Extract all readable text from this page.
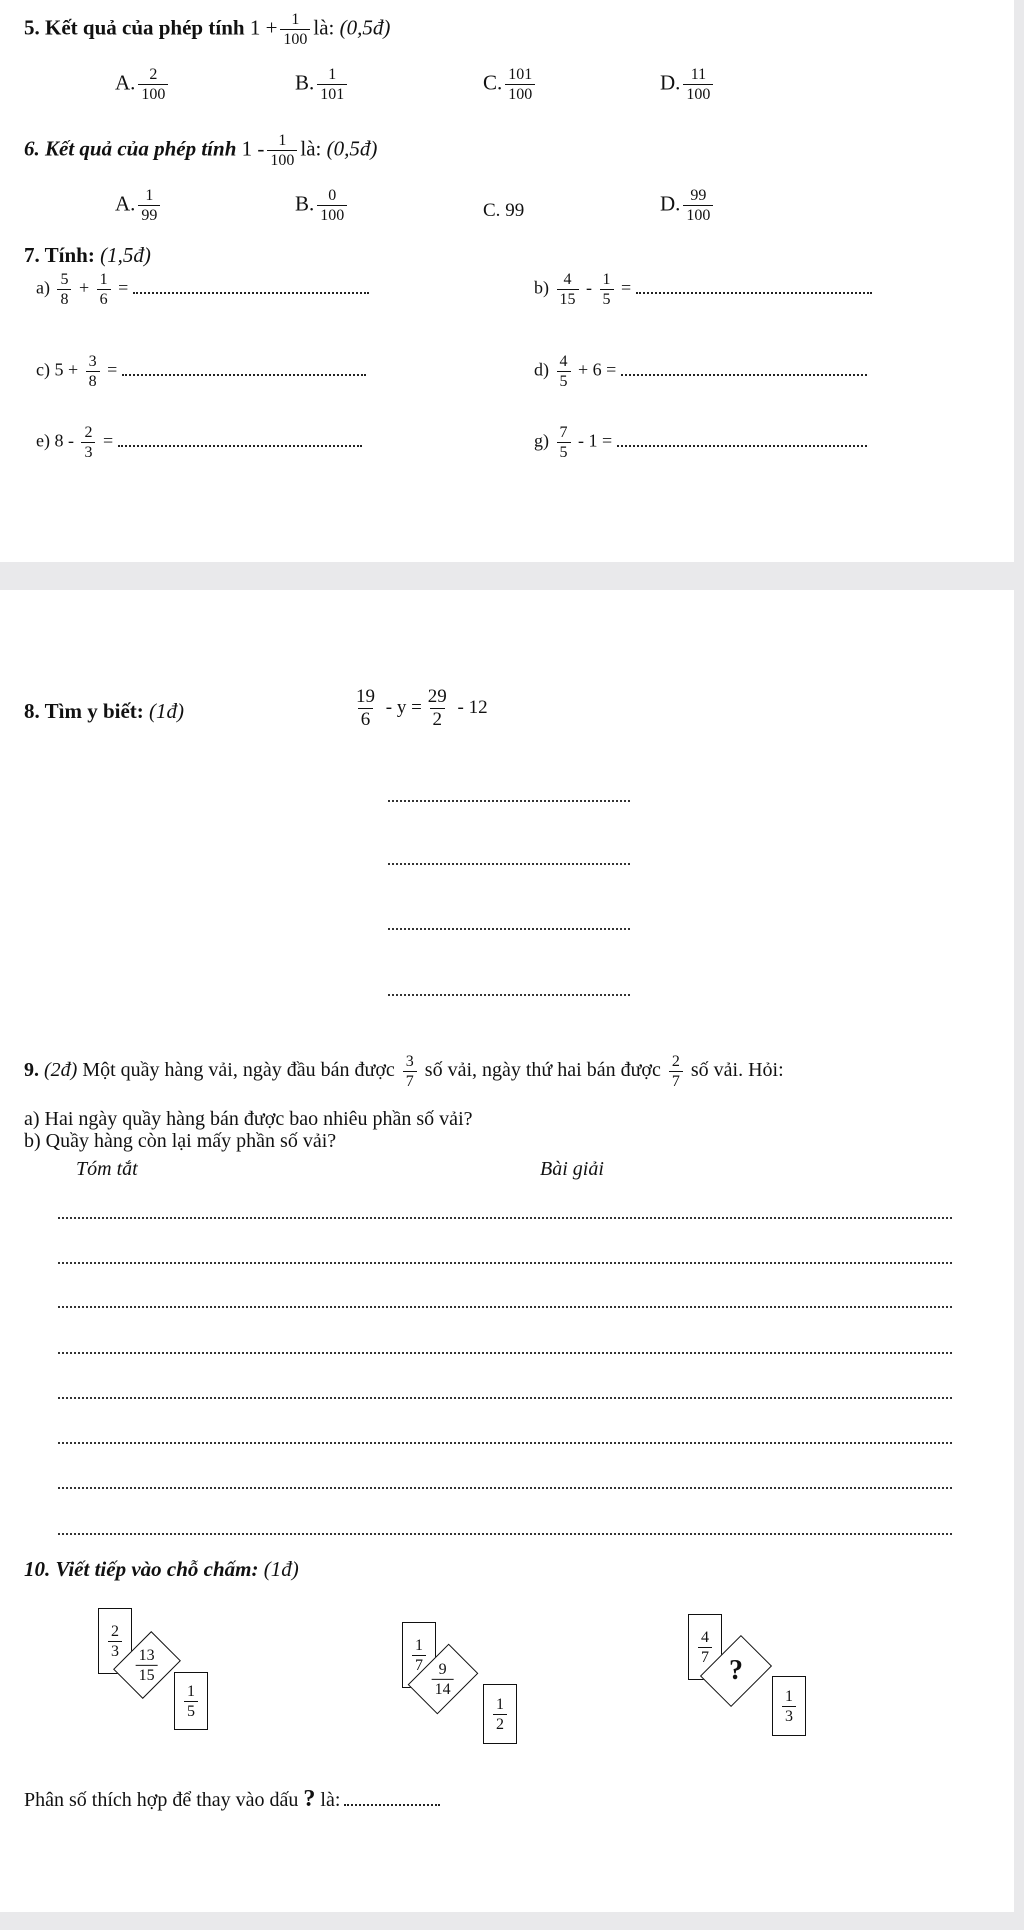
5. Kết quả của phép tính $1 + \frac{1}{100}$ là: (0,5đ)
A. $\frac{2}{100}$	B. $\frac{1}{101}$	C. $\frac{101}{100}$	D. $\frac{11}{100}$
6. Kết quả của phép tính $1 - \frac{1}{100}$ là: (0,5đ)
A. $\frac{1}{99}$	B. $\frac{0}{100}$	C. 99	D. $\frac{99}{100}$
7. Tính: (1,5đ)
$a) \frac{5}{8} + \frac{1}{6}$ =	$b) \frac{4}{15} - \frac{1}{5}$ =
c) $5 + \frac{3}{8}$ =	$d) \frac{4}{5} + 6$ =
e) $8 - \frac{2}{3}$ =	$g) \frac{7}{5} - 1$ =
8. Tìm y biết: (1đ)	$\frac{19}{6} - y = \frac{29}{2} - 12$
9. (2đ) Một quầy hàng vải, ngày đầu bán được $\frac{3}{7}$ số vải, ngày thứ hai bán được $\frac{2}{7}$ số vải. Hỏi:
a) Hai ngày quầy hàng bán được bao nhiêu phần số vải?
b) Quầy hàng còn lại mấy phần số vải?
Tóm tắt	Bài giải
10. Viết tiếp vào chỗ chấm: (1đ)
$\frac{2}{3}$
$\frac{13}{15}$
$\frac{1}{5}$
$\frac{1}{7}$
$\frac{9}{14}$
$\frac{1}{2}$
$\frac{4}{7}$
?
$\frac{1}{3}$
Phân số thích hợp để thay vào dấu ? là:
